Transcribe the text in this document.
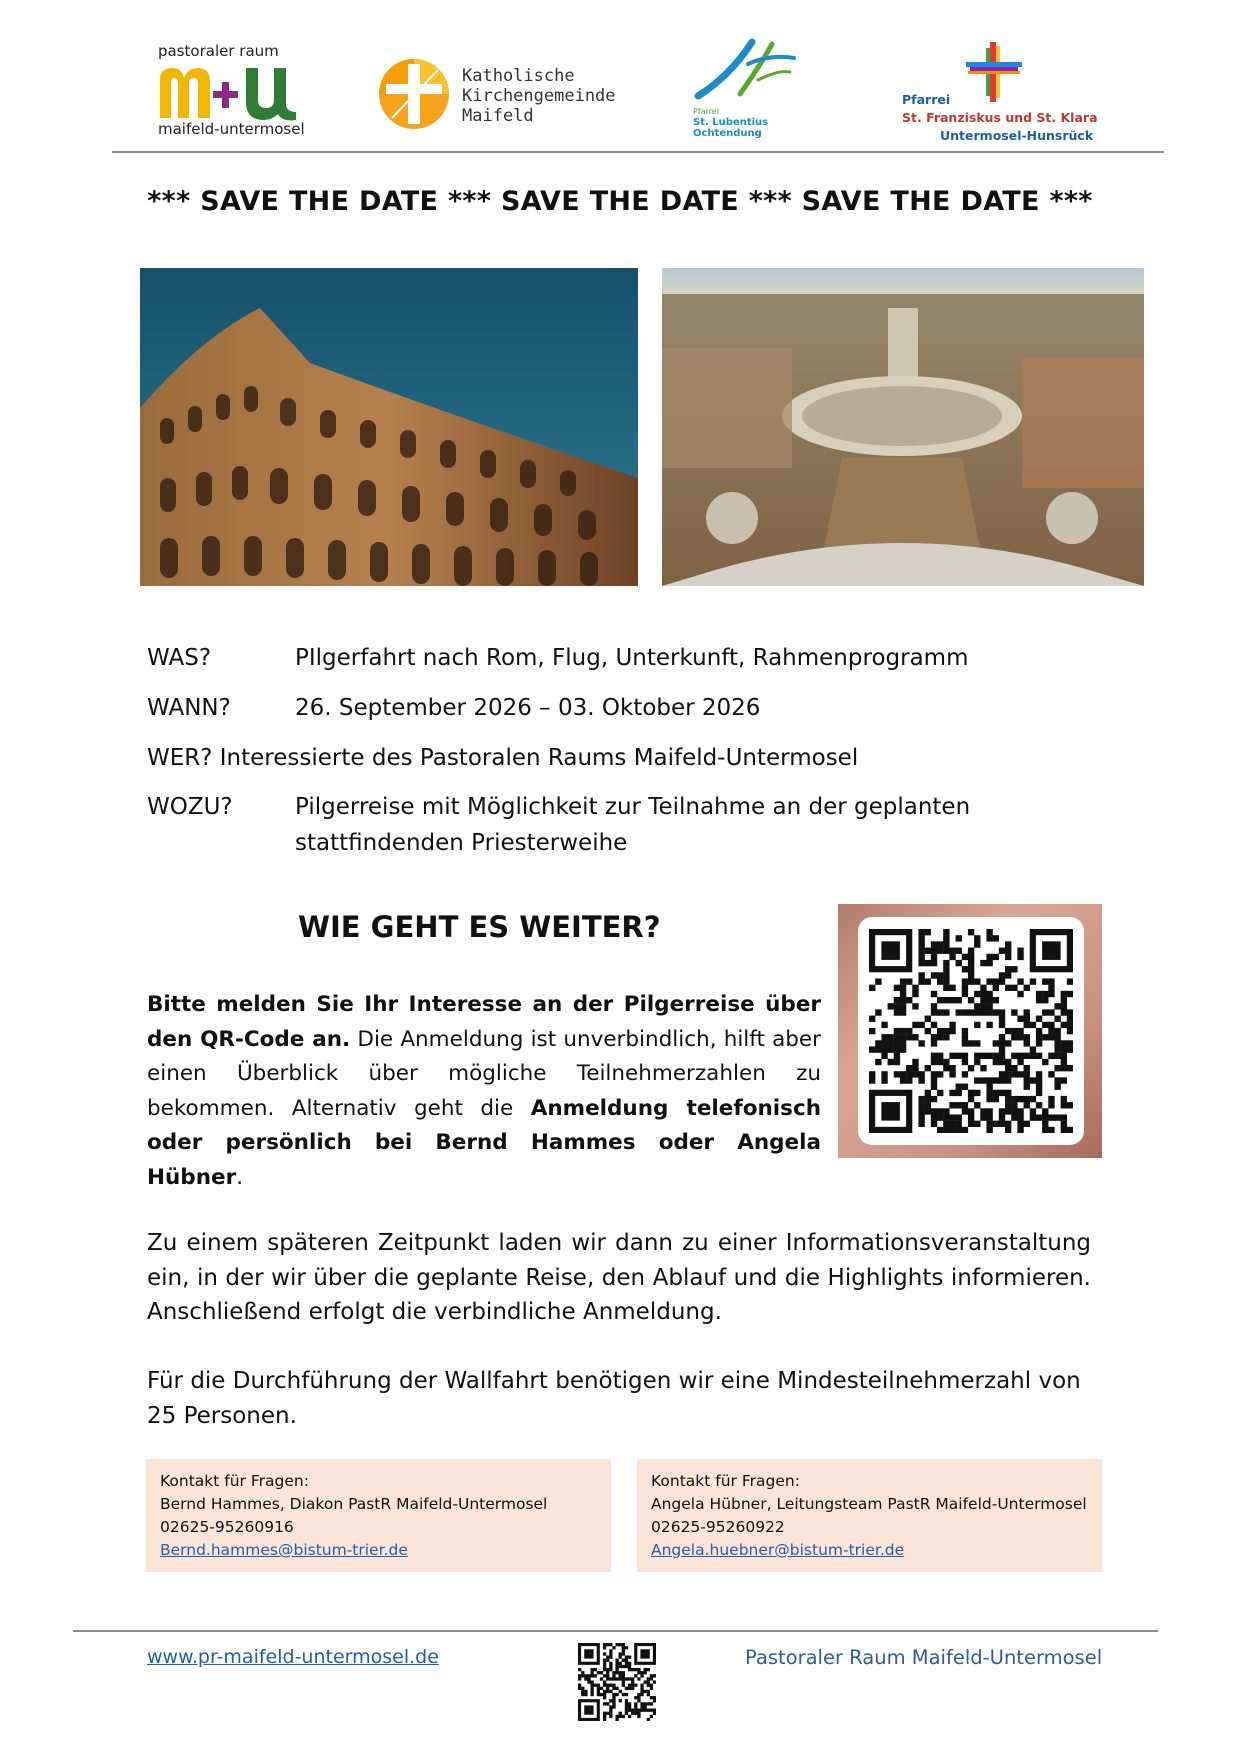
pastoraler raum
maifeld-untermosel
Katholische
Kirchengemeinde
Maifeld	Pfarrei
St. Lubentius
Ochtendung
Pfarrei
St. Franziskus und St. Klara
Untermosel-Hunsrück
*** SAVE THE DATE *** SAVE THE DATE *** SAVE THE DATE ***
WAS?	PIlgerfahrt nach Rom, Flug, Unterkunft, Rahmenprogramm
WANN?	26. September 2026 – 03. Oktober 2026
WER? Interessierte des Pastoralen Raums Maifeld-Untermosel
WOZU?	Pilgerreise mit Möglichkeit zur Teilnahme an der geplanten
stattfindenden Priesterweihe
WIE GEHT ES WEITER?
Bitte melden Sie Ihr Interesse an der Pilgerreise über den QR-Code an. Die Anmeldung ist unverbindlich, hilft aber einen Überblick über mögliche Teilnehmerzahlen zu bekommen. Alternativ geht die Anmeldung telefonisch oder persönlich bei Bernd Hammes oder Angela Hübner.
Zu einem späteren Zeitpunkt laden wir dann zu einer Informationsveranstaltung ein, in der wir über die geplante Reise, den Ablauf und die Highlights informieren. Anschließend erfolgt die verbindliche Anmeldung.
Für die Durchführung der Wallfahrt benötigen wir eine Mindesteilnehmerzahl von 25 Personen.
Kontakt für Fragen:
Bernd Hammes, Diakon PastR Maifeld-Untermosel
02625-95260916
Bernd.hammes@bistum-trier.de
Kontakt für Fragen:
Angela Hübner, Leitungsteam PastR Maifeld-Untermosel
02625-95260922
Angela.huebner@bistum-trier.de
www.pr-maifeld-untermosel.de	Pastoraler Raum Maifeld-Untermosel
